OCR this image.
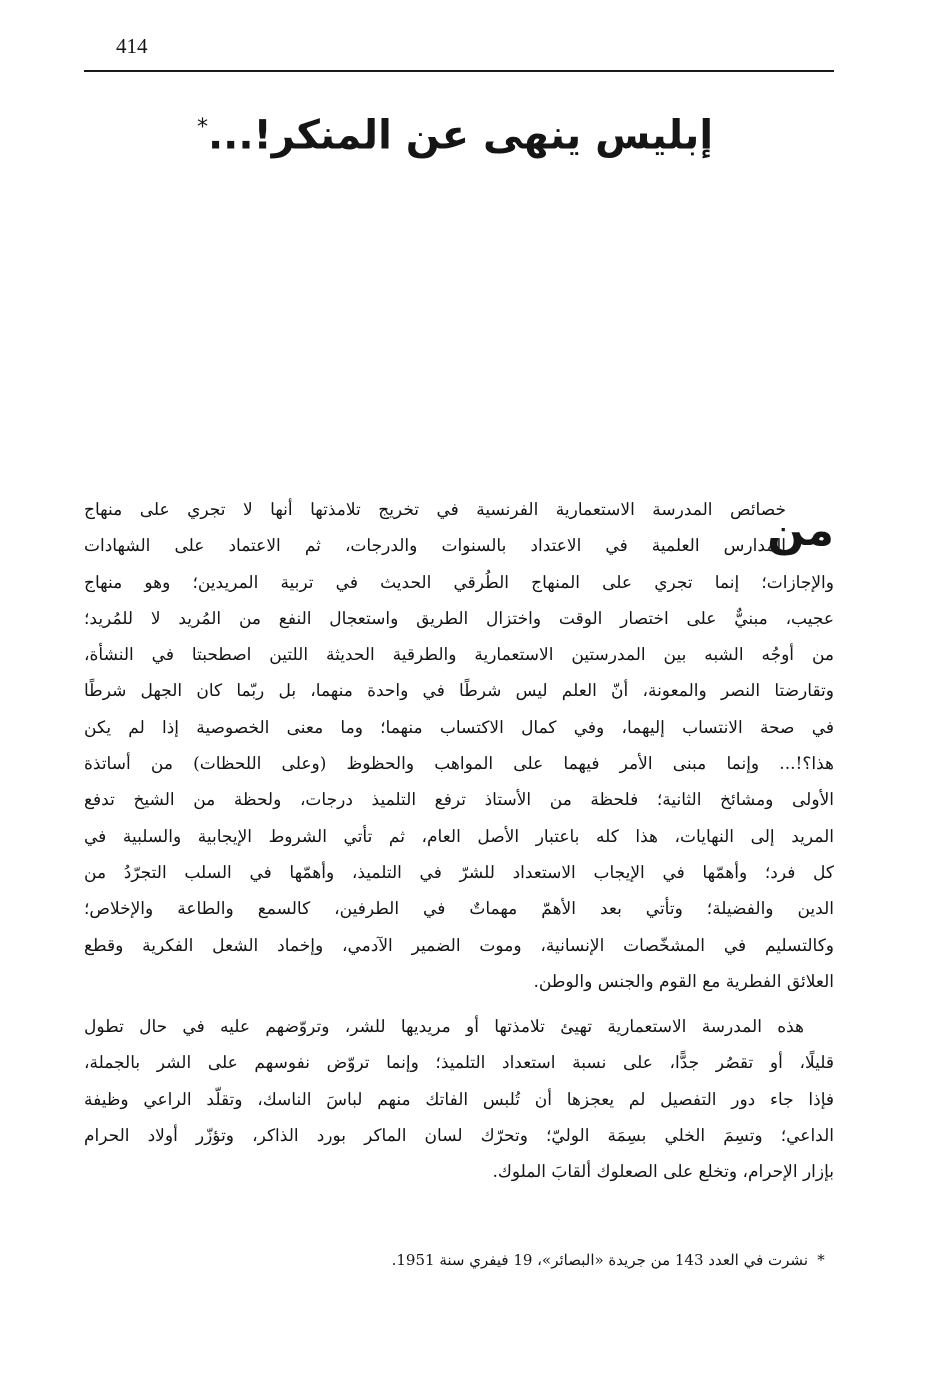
414
إبليس ينهى عن المنكر!...*
من
خصائص المدرسة الاستعمارية الفرنسية في تخريج تلامذتها أنها لا تجري على منهاج
المدارس العلمية في الاعتداد بالسنوات والدرجات، ثم الاعتماد على الشهادات
والإجازات؛ إنما تجري على المنهاج الطُرقي الحديث في تربية المريدين؛ وهو منهاج
عجيب، مبنيٌّ على اختصار الوقت واختزال الطريق واستعجال النفع من المُريد لا للمُريد؛
من أوجُه الشبه بين المدرستين الاستعمارية والطرقية الحديثة اللتين اصطحبتا في النشأة،
وتقارضتا النصر والمعونة، أنّ العلم ليس شرطًا في واحدة منهما، بل ربّما كان الجهل شرطًا
في صحة الانتساب إليهما، وفي كمال الاكتساب منهما؛ وما معنى الخصوصية إذا لم يكن
هذا؟!... وإنما مبنى الأمر فيهما على المواهب والحظوظ (وعلى اللحظات) من أساتذة
الأولى ومشائخ الثانية؛ فلحظة من الأستاذ ترفع التلميذ درجات، ولحظة من الشيخ تدفع
المريد إلى النهايات، هذا كله باعتبار الأصل العام، ثم تأتي الشروط الإيجابية والسلبية في
كل فرد؛ وأهمّها في الإيجاب الاستعداد للشرّ في التلميذ، وأهمّها في السلب التجرّدُ من
الدين والفضيلة؛ وتأتي بعد الأهمّ مهماتٌ في الطرفين، كالسمع والطاعة والإخلاص؛
وكالتسليم في المشخّصات الإنسانية، وموت الضمير الآدمي، وإخماد الشعل الفكرية وقطع
العلائق الفطرية مع القوم والجنس والوطن.
هذه المدرسة الاستعمارية تهيئ تلامذتها أو مريديها للشر، وتروّضهم عليه في حال تطول
قليلًا، أو تقصُر جدًّا، على نسبة استعداد التلميذ؛ وإنما تروّض نفوسهم على الشر بالجملة،
فإذا جاء دور التفصيل لم يعجزها أن تُلبس الفاتك منهم لباسَ الناسك، وتقلّد الراعي وظيفة
الداعي؛ وتسِمَ الخلي بسِمَة الوليّ؛ وتحرّك لسان الماكر بورد الذاكر، وتؤزّر أولاد الحرام
بإزار الإحرام، وتخلع على الصعلوك ألقابَ الملوك.
*نشرت في العدد 143 من جريدة «البصائر»، 19 فيفري سنة 1951.
